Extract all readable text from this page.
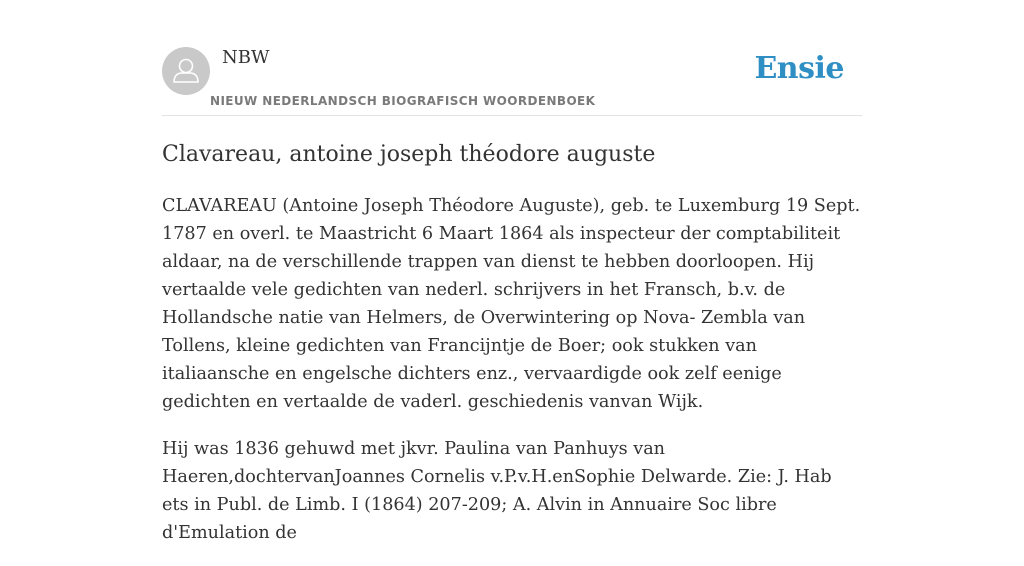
NBW
NIEUW NEDERLANDSCH BIOGRAFISCH WOORDENBOEK
Ensie
Clavareau, antoine joseph théodore auguste

CLAVAREAU (Antoine Joseph Théodore Auguste), geb. te Luxemburg 19 Sept. 1787 en overl. te Maastricht 6 Maart 1864 als inspecteur der comptabiliteit aldaar, na de verschillende trappen van dienst te hebben doorloopen. Hij vertaalde vele gedichten van nederl. schrijvers in het Fransch, b.v. de Hollandsche natie van Helmers, de Overwintering op Nova- Zembla van Tollens, kleine gedichten van Francijntje de Boer; ook stukken van italiaansche en engelsche dichters enz., vervaardigde ook zelf eenige gedichten en vertaalde de vaderl. geschiedenis vanvan Wijk.

Hij was 1836 gehuwd met jkvr. Paulina van Panhuys van Haeren,dochtervanJoannes Cornelis v.P.v.H.enSophie Delwarde. Zie: J. Hab ets in Publ. de Limb. I (1864) 207-209; A. Alvin in Annuaire Soc libre d'Emulation de
